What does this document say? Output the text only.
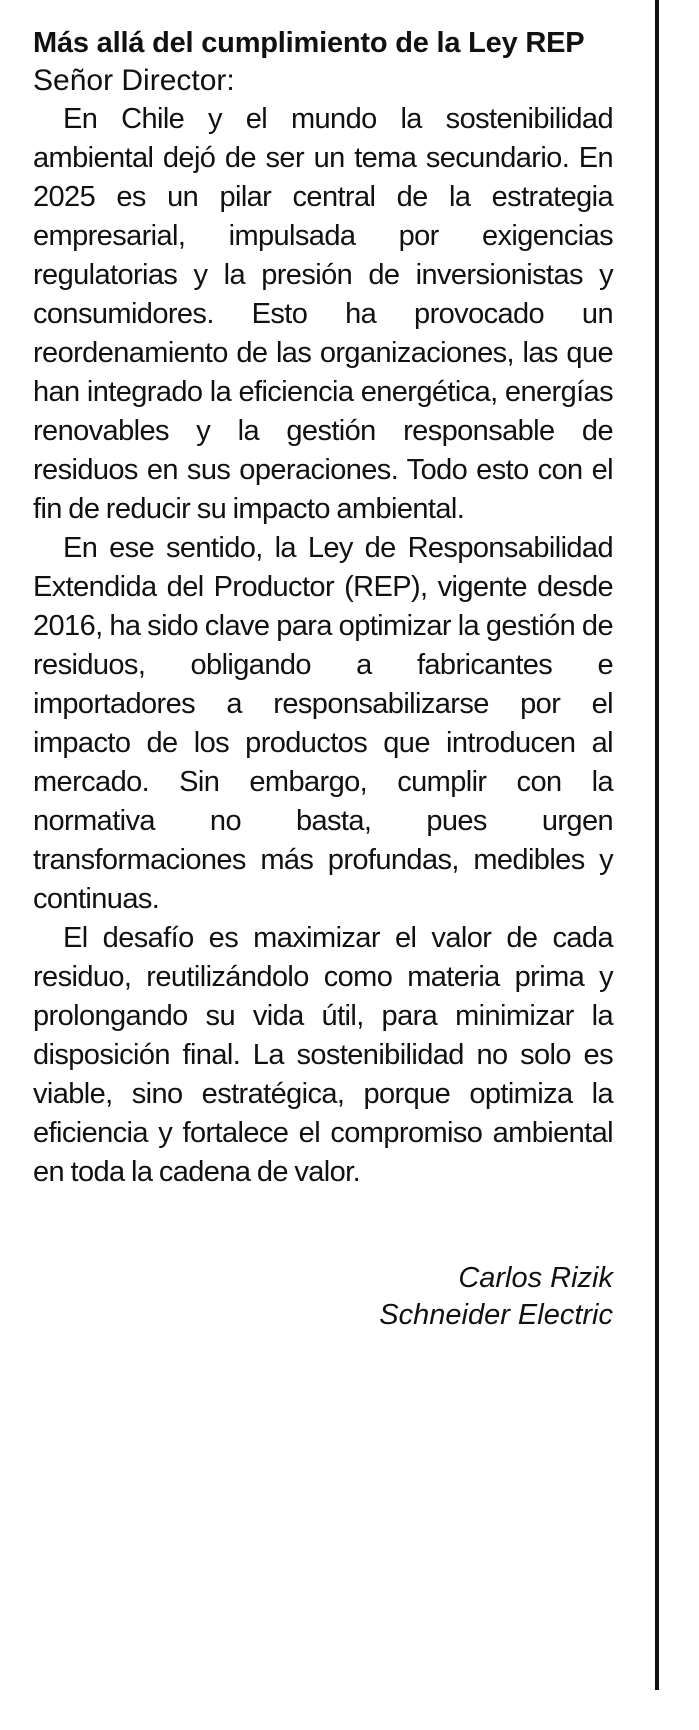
Más allá del cumplimiento de la Ley REP

Señor Director:

En Chile y el mundo la sostenibilidad ambiental dejó de ser un tema secundario. En 2025 es un pilar central de la estrategia empresarial, impulsada por exigencias regulatorias y la presión de inversionistas y consumidores. Esto ha provocado un reordenamiento de las organizaciones, las que han integrado la eficiencia energética, energías renovables y la gestión responsable de residuos en sus operaciones. Todo esto con el fin de reducir su impacto ambiental.

En ese sentido, la Ley de Responsabilidad Extendida del Productor (REP), vigente desde 2016, ha sido clave para optimizar la gestión de residuos, obligando a fabricantes e importadores a responsabilizarse por el impacto de los productos que introducen al mercado. Sin embargo, cumplir con la normativa no basta, pues urgen transformaciones más profundas, medibles y continuas.

El desafío es maximizar el valor de cada residuo, reutilizándolo como materia prima y prolongando su vida útil, para minimizar la disposición final. La sostenibilidad no solo es viable, sino estratégica, porque optimiza la eficiencia y fortalece el compromiso ambiental en toda la cadena de valor.

Carlos Rizik
Schneider Electric
